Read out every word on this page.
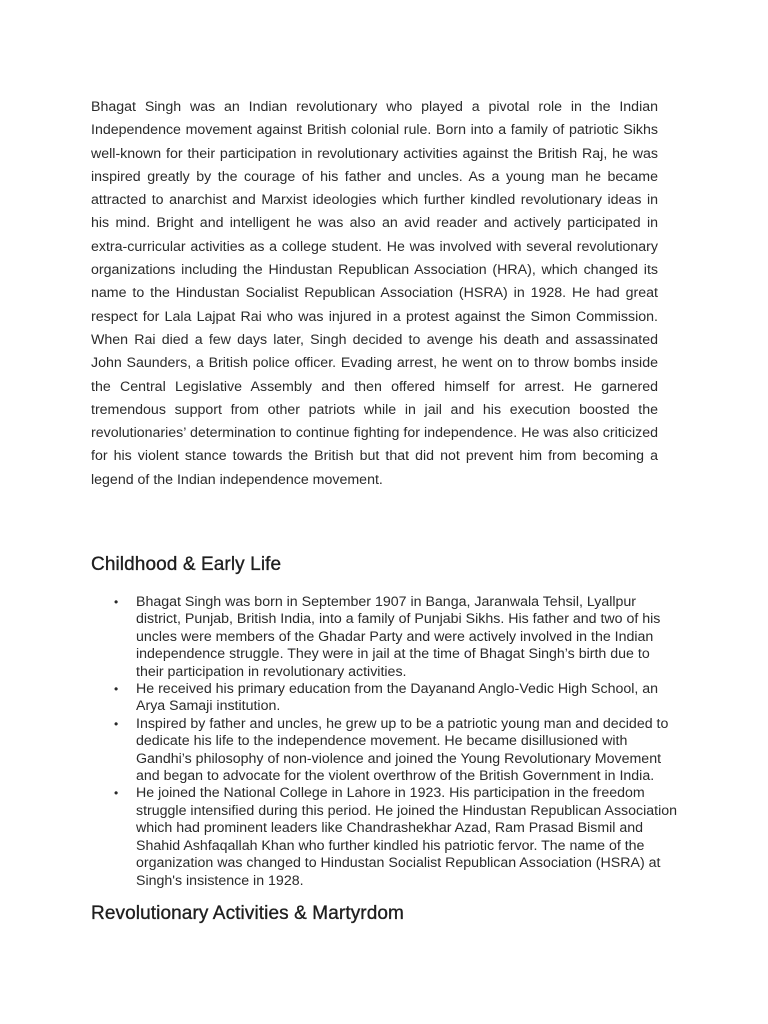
Bhagat Singh was an Indian revolutionary who played a pivotal role in the Indian Independence movement against British colonial rule. Born into a family of patriotic Sikhs well-known for their participation in revolutionary activities against the British Raj, he was inspired greatly by the courage of his father and uncles. As a young man he became attracted to anarchist and Marxist ideologies which further kindled revolutionary ideas in his mind. Bright and intelligent he was also an avid reader and actively participated in extra-curricular activities as a college student. He was involved with several revolutionary organizations including the Hindustan Republican Association (HRA), which changed its name to the Hindustan Socialist Republican Association (HSRA) in 1928. He had great respect for Lala Lajpat Rai who was injured in a protest against the Simon Commission. When Rai died a few days later, Singh decided to avenge his death and assassinated John Saunders, a British police officer. Evading arrest, he went on to throw bombs inside the Central Legislative Assembly and then offered himself for arrest. He garnered tremendous support from other patriots while in jail and his execution boosted the revolutionaries’ determination to continue fighting for independence. He was also criticized for his violent stance towards the British but that did not prevent him from becoming a legend of the Indian independence movement.

Childhood & Early Life
• Bhagat Singh was born in September 1907 in Banga, Jaranwala Tehsil, Lyallpur district, Punjab, British India, into a family of Punjabi Sikhs. His father and two of his uncles were members of the Ghadar Party and were actively involved in the Indian independence struggle. They were in jail at the time of Bhagat Singh’s birth due to their participation in revolutionary activities.
• He received his primary education from the Dayanand Anglo-Vedic High School, an Arya Samaji institution.
• Inspired by father and uncles, he grew up to be a patriotic young man and decided to dedicate his life to the independence movement. He became disillusioned with Gandhi’s philosophy of non-violence and joined the Young Revolutionary Movement and began to advocate for the violent overthrow of the British Government in India.
• He joined the National College in Lahore in 1923. His participation in the freedom struggle intensified during this period. He joined the Hindustan Republican Association which had prominent leaders like Chandrashekhar Azad, Ram Prasad Bismil and Shahid Ashfaqallah Khan who further kindled his patriotic fervor. The name of the organization was changed to Hindustan Socialist Republican Association (HSRA) at Singh's insistence in 1928.
Revolutionary Activities & Martyrdom
